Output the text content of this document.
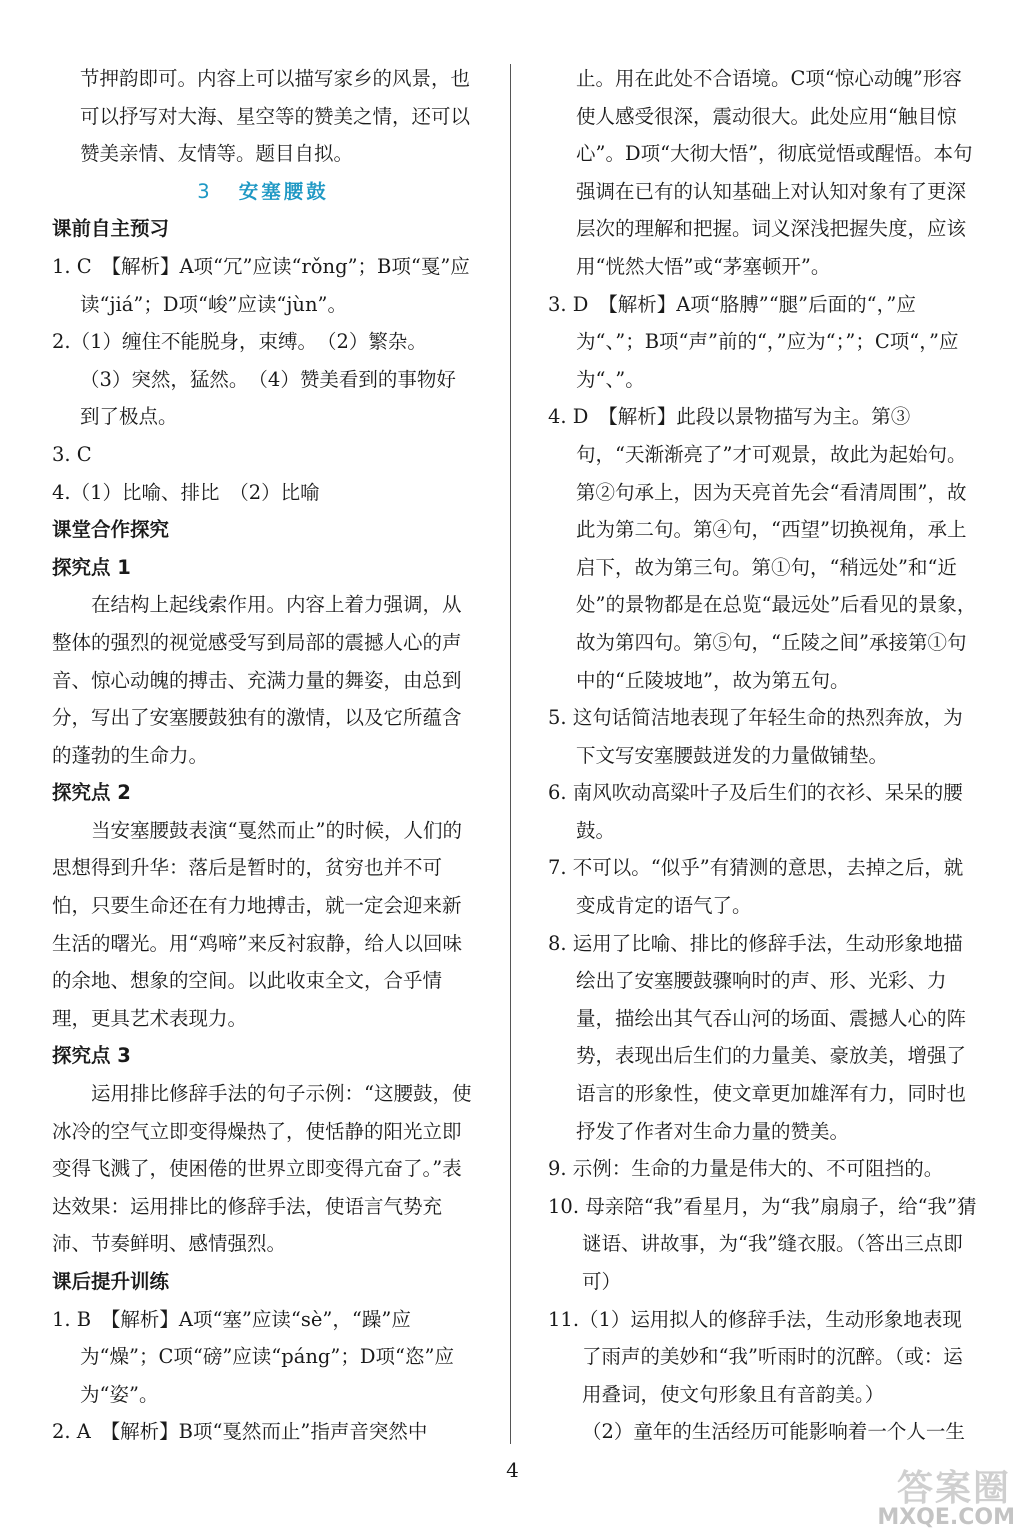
节押韵即可。内容上可以描写家乡的风景，也可以抒写对大海、星空等的赞美之情，还可以赞美亲情、友情等。题目自拟。

3 安塞腰鼓

课前自主预习

1. C　【解析】A项“冗”应读“rǒng”；B项“戛”应读“jiá”；D项“峻”应读“jùn”。

2.（1）缠住不能脱身，束缚。　（2）繁杂。

（3）突然，猛然。　（4）赞美看到的事物好到了极点。

3. C

4.（1）比喻、排比　（2）比喻

课堂合作探究

探究点 1

在结构上起线索作用。内容上着力强调，从整体的强烈的视觉感受写到局部的震撼人心的声音、惊心动魄的搏击、充满力量的舞姿，由总到分，写出了安塞腰鼓独有的激情，以及它所蕴含的蓬勃的生命力。

探究点 2

当安塞腰鼓表演“戛然而止”的时候，人们的思想得到升华：落后是暂时的，贫穷也并不可怕，只要生命还在有力地搏击，就一定会迎来新生活的曙光。用“鸡啼”来反衬寂静，给人以回味的余地、想象的空间。以此收束全文，合乎情理，更具艺术表现力。

探究点 3

运用排比修辞手法的句子示例：“这腰鼓，使冰冷的空气立即变得燥热了，使恬静的阳光立即变得飞溅了，使困倦的世界立即变得亢奋了。”表达效果：运用排比的修辞手法，使语言气势充沛、节奏鲜明、感情强烈。

课后提升训练

1. B　【解析】A项“塞”应读“sè”，“躁”应为“燥”；C项“磅”应读“páng”；D项“恣”应为“姿”。

2. A　【解析】B项“戛然而止”指声音突然中

止。用在此处不合语境。C项“惊心动魄”形容使人感受很深，震动很大。此处应用“触目惊心”。D项“大彻大悟”，彻底觉悟或醒悟。本句强调在已有的认知基础上对认知对象有了更深层次的理解和把握。词义深浅把握失度，应该用“恍然大悟”或“茅塞顿开”。

3. D　【解析】A项“胳膊”“腿”后面的“，”应为“、”；B项“声”前的“，”应为“；”；C项“，”应为“、”。

4. D　【解析】此段以景物描写为主。第③句，“天渐渐亮了”才可观景，故此为起始句。第②句承上，因为天亮首先会“看清周围”，故此为第二句。第④句，“西望”切换视角，承上启下，故为第三句。第①句，“稍远处”和“近处”的景物都是在总览“最远处”后看见的景象，故为第四句。第⑤句，“丘陵之间”承接第①句中的“丘陵坡地”，故为第五句。

5. 这句话简洁地表现了年轻生命的热烈奔放，为下文写安塞腰鼓迸发的力量做铺垫。

6. 南风吹动高粱叶子及后生们的衣衫、呆呆的腰鼓。

7. 不可以。“似乎”有猜测的意思，去掉之后，就变成肯定的语气了。

8. 运用了比喻、排比的修辞手法，生动形象地描绘出了安塞腰鼓骤响时的声、形、光彩、力量，描绘出其气吞山河的场面、震撼人心的阵势，表现出后生们的力量美、豪放美，增强了语言的形象性，使文章更加雄浑有力，同时也抒发了作者对生命力量的赞美。

9. 示例：生命的力量是伟大的、不可阻挡的。

10. 母亲陪“我”看星月，为“我”扇扇子，给“我”猜谜语、讲故事，为“我”缝衣服。（答出三点即可）

11.（1）运用拟人的修辞手法，生动形象地表现了雨声的美妙和“我”听雨时的沉醉。（或：运用叠词，使文句形象且有音韵美。）

（2）童年的生活经历可能影响着一个人一生

4	答案圈
MXQE.COM
